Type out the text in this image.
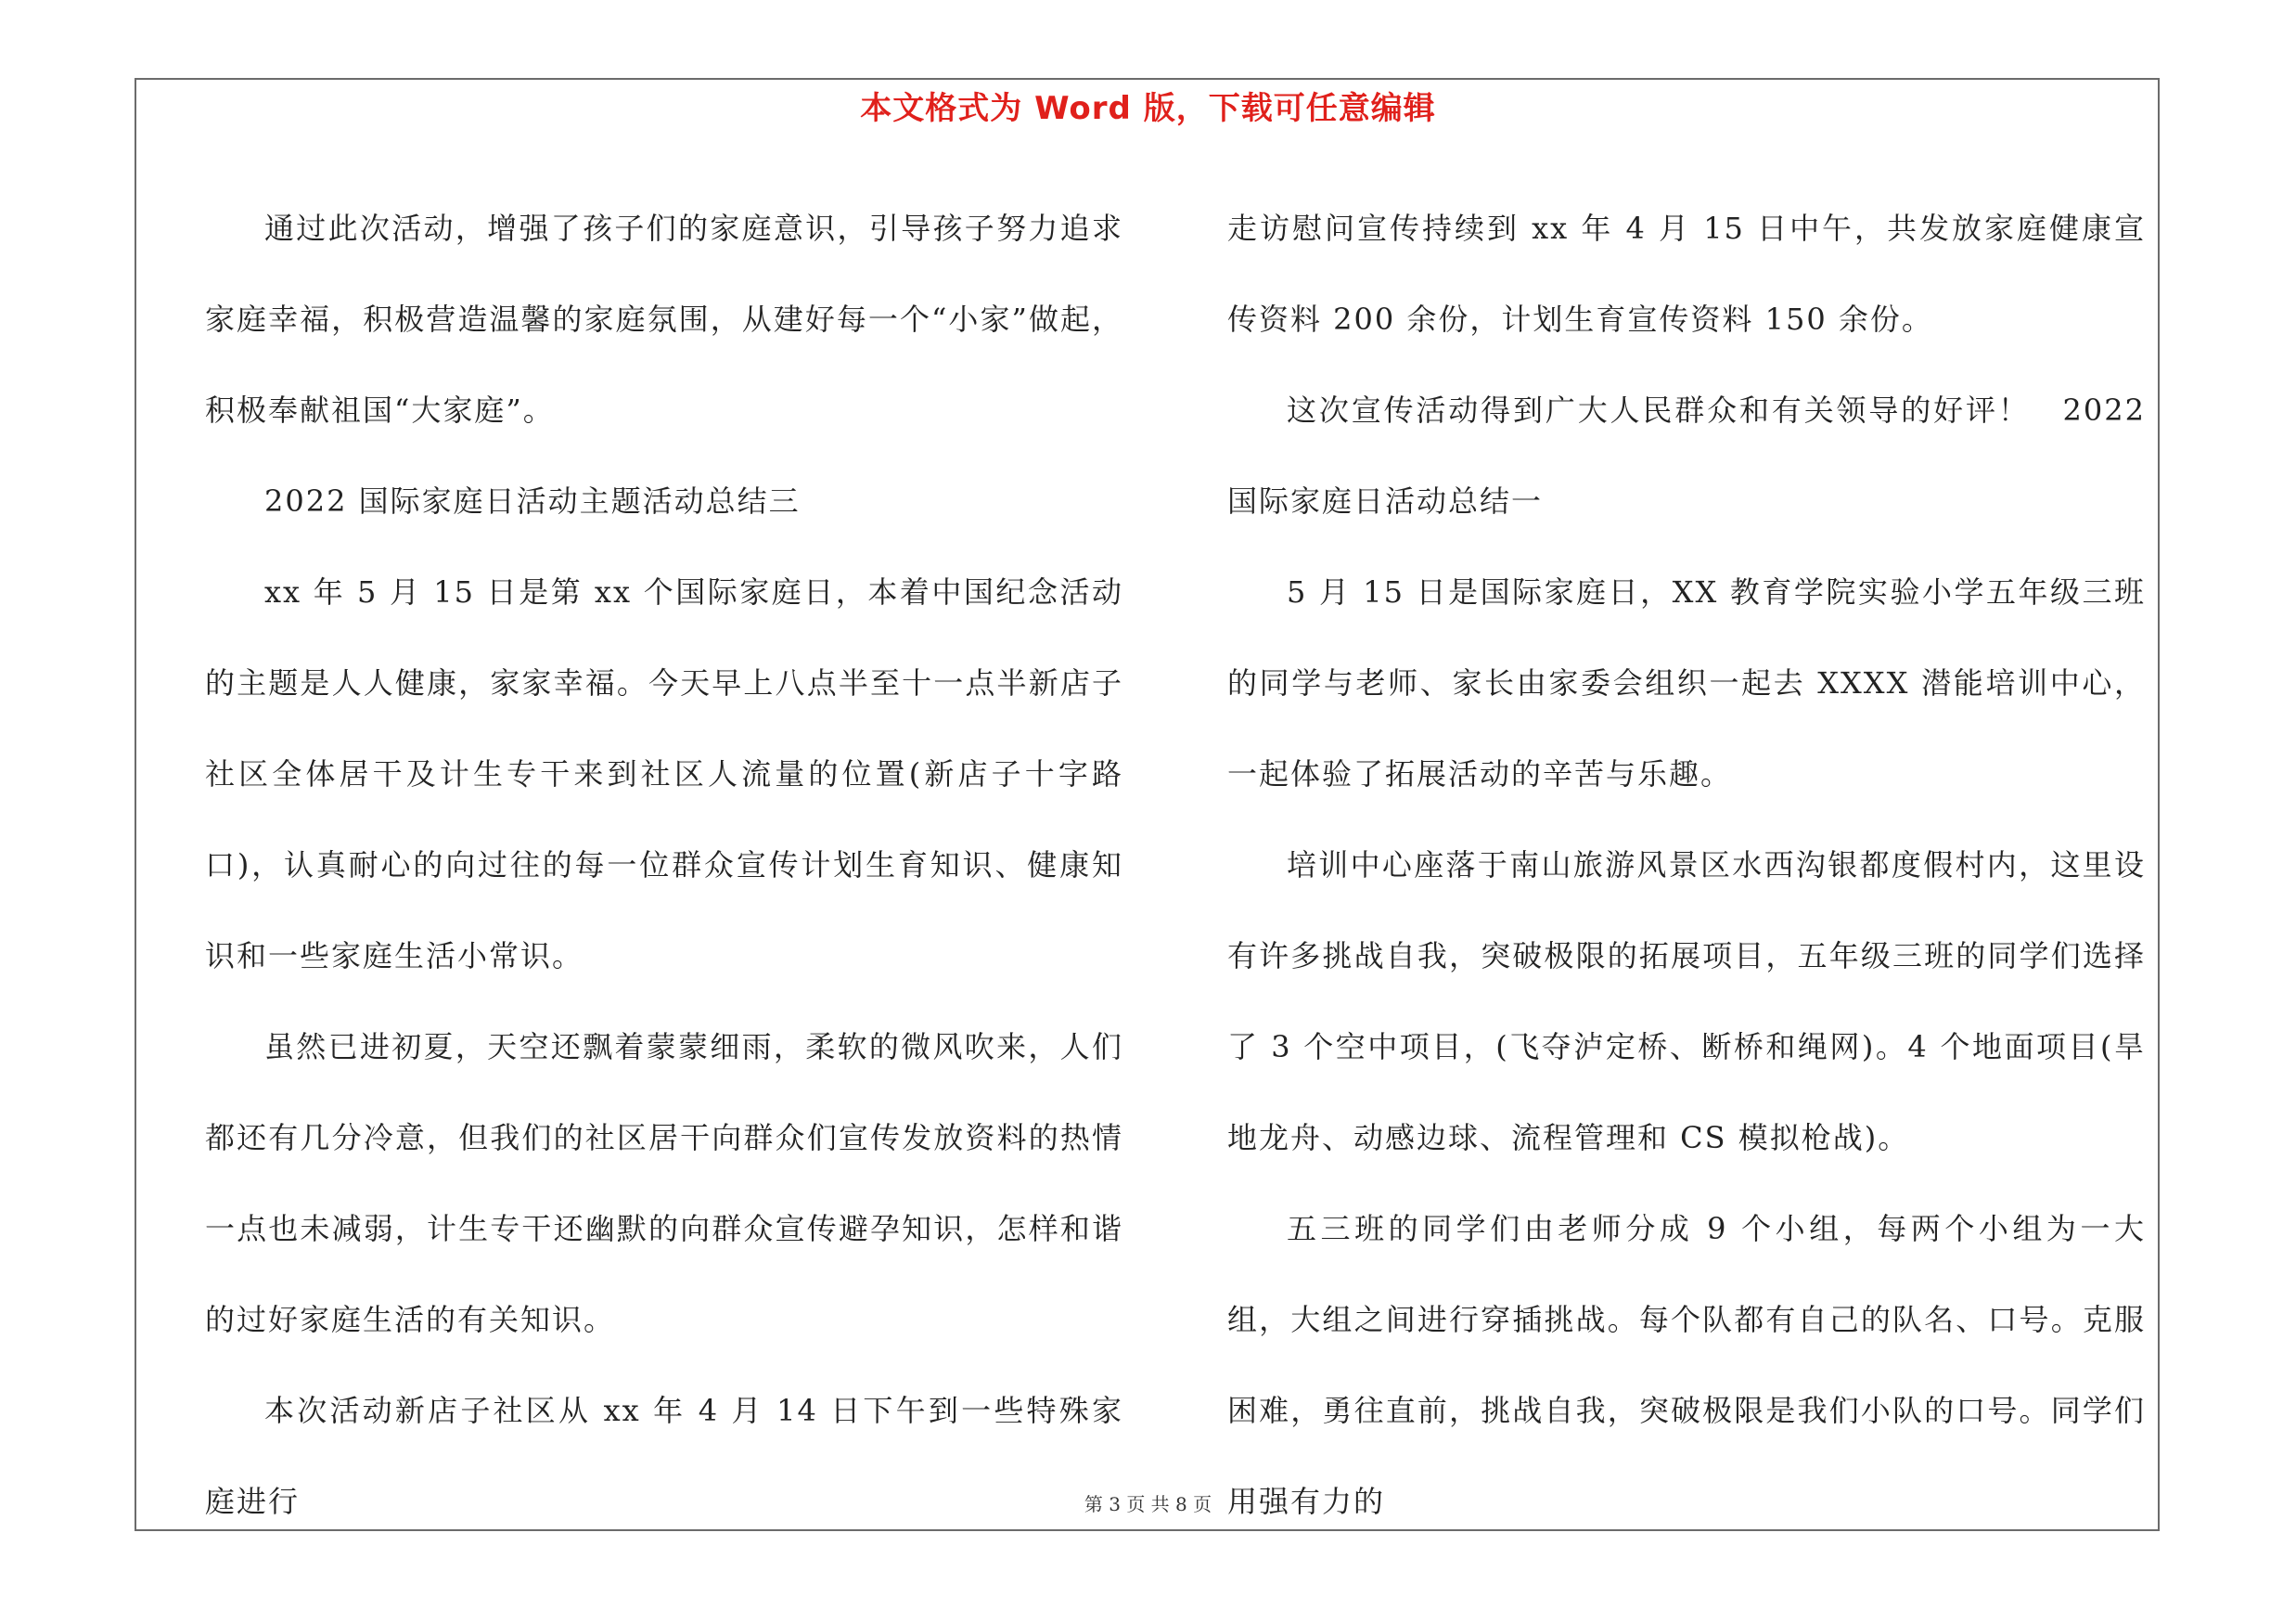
本文格式为 Word 版，下载可任意编辑

通过此次活动，增强了孩子们的家庭意识，引导孩子努力追求家庭幸福，积极营造温馨的家庭氛围，从建好每一个“小家”做起，积极奉献祖国“大家庭”。

2022 国际家庭日活动主题活动总结三

xx 年 5 月 15 日是第 xx 个国际家庭日，本着中国纪念活动的主题是人人健康，家家幸福。今天早上八点半至十一点半新店子社区全体居干及计生专干来到社区人流量的位置(新店子十字路口)，认真耐心的向过往的每一位群众宣传计划生育知识、健康知识和一些家庭生活小常识。

虽然已进初夏，天空还飘着蒙蒙细雨，柔软的微风吹来，人们都还有几分冷意，但我们的社区居干向群众们宣传发放资料的热情一点也未减弱，计生专干还幽默的向群众宣传避孕知识，怎样和谐的过好家庭生活的有关知识。

本次活动新店子社区从 xx 年 4 月 14 日下午到一些特殊家庭进行

走访慰问宣传持续到 xx 年 4 月 15 日中午，共发放家庭健康宣传资料 200 余份，计划生育宣传资料 150 余份。

这次宣传活动得到广大人民群众和有关领导的好评！　2022 国际家庭日活动总结一

5 月 15 日是国际家庭日，XX 教育学院实验小学五年级三班的同学与老师、家长由家委会组织一起去 XXXX 潜能培训中心，一起体验了拓展活动的辛苦与乐趣。

培训中心座落于南山旅游风景区水西沟银都度假村内，这里设有许多挑战自我，突破极限的拓展项目，五年级三班的同学们选择了 3 个空中项目，(飞夺泸定桥、断桥和绳网)。4 个地面项目(旱地龙舟、动感边球、流程管理和 CS 模拟枪战)。

五三班的同学们由老师分成 9 个小组，每两个小组为一大组，大组之间进行穿插挑战。每个队都有自己的队名、口号。克服困难，勇往直前，挑战自我，突破极限是我们小队的口号。同学们用强有力的

第 3 页 共 8 页
